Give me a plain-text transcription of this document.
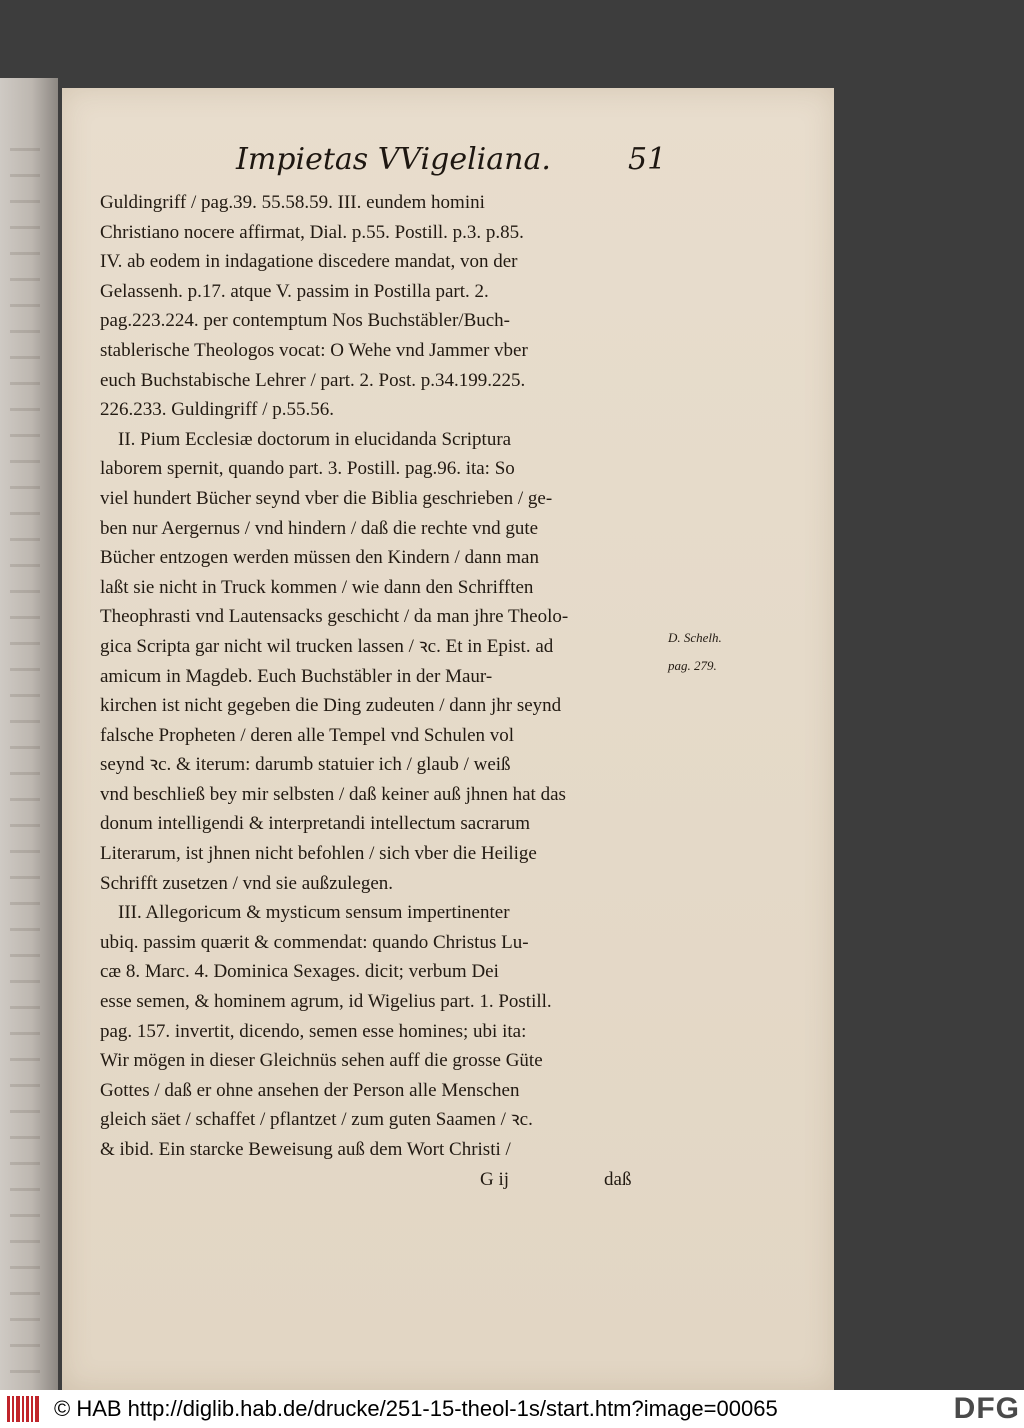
Impietas VVigeliana.	51
Guldingriff / pag.39. 55.58.59. III. eundem homini
Christiano nocere affirmat, Dial. p.55. Postill. p.3. p.85.
IV. ab eodem in indagatione discedere mandat, von der
Gelassenh. p.17. atque V. passim in Postilla part. 2.
pag.223.224. per contemptum Nos Buchstäbler/Buch-
stablerische Theologos vocat: O Wehe vnd Jammer vber
euch Buchstabische Lehrer / part. 2. Post. p.34.199.225.
226.233. Guldingriff / p.55.56.
II. Pium Ecclesiæ doctorum in elucidanda Scriptura
laborem spernit, quando part. 3. Postill. pag.96. ita: So
viel hundert Bücher seynd vber die Biblia geschrieben / ge-
ben nur Aergernus / vnd hindern / daß die rechte vnd gute
Bücher entzogen werden müssen den Kindern / dann man
laßt sie nicht in Truck kommen / wie dann den Schrifften
Theophrasti vnd Lautensacks geschicht / da man jhre Theolo-
gica Scripta gar nicht wil trucken lassen / ꝛc. Et in Epist. ad
amicum in Magdeb. Euch Buchstäbler in der Maur-
kirchen ist nicht gegeben die Ding zudeuten / dann jhr seynd
falsche Propheten / deren alle Tempel vnd Schulen vol
seynd ꝛc. & iterum: darumb statuier ich / glaub / weiß
vnd beschließ bey mir selbsten / daß keiner auß jhnen hat das
donum intelligendi & interpretandi intellectum sacrarum
Literarum, ist jhnen nicht befohlen / sich vber die Heilige
Schrifft zusetzen / vnd sie außzulegen.
III. Allegoricum & mysticum sensum impertinenter
ubiq. passim quærit & commendat: quando Christus Lu-
cæ 8. Marc. 4. Dominica Sexages. dicit; verbum Dei
esse semen, & hominem agrum, id Wigelius part. 1. Postill.
pag. 157. invertit, dicendo, semen esse homines; ubi ita:
Wir mögen in dieser Gleichnüs sehen auff die grosse Güte
Gottes / daß er ohne ansehen der Person alle Menschen
gleich säet / schaffet / pflantzet / zum guten Saamen / ꝛc.
& ibid. Ein starcke Beweisung auß dem Wort Christi /
G ij                    daß
D. Schelh.
pag. 279.
© HAB http://diglib.hab.de/drucke/251-15-theol-1s/start.htm?image=00065	DFG
